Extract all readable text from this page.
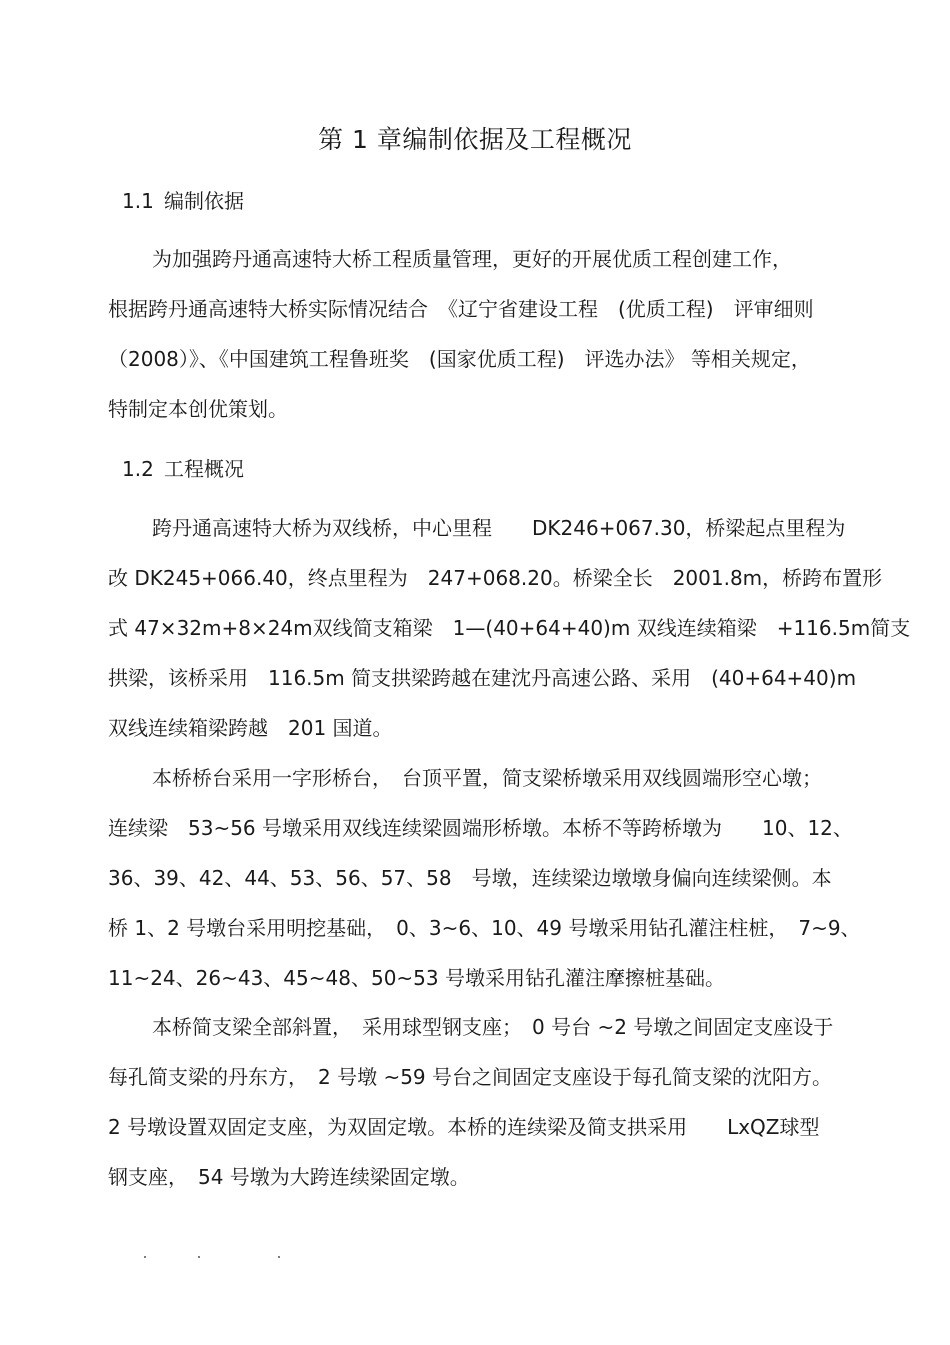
第 1 章编制依据及工程概况
1.1 编制依据
为加强跨丹通高速特大桥工程质量管理，更好的开展优质工程创建工作，
根据跨丹通高速特大桥实际情况结合　《辽宁省建设工程　(优质工程)　评审细则
（2008）》、《中国建筑工程鲁班奖　(国家优质工程)　评选办法》 等相关规定，
特制定本创优策划。
1.2 工程概况
跨丹通高速特大桥为双线桥，中心里程　　DK246+067.30，桥梁起点里程为
改 DK245+066.40，终点里程为　247+068.20。桥梁全长　2001.8m，桥跨布置形
式 47×32m+8×24m双线简支箱梁　1—(40+64+40)m 双线连续箱梁　+116.5m简支
拱梁，该桥采用　116.5m 简支拱梁跨越在建沈丹高速公路、采用　(40+64+40)m
双线连续箱梁跨越　201 国道。
本桥桥台采用一字形桥台，　台顶平置，简支梁桥墩采用双线圆端形空心墩；
连续梁　53~56 号墩采用双线连续梁圆端形桥墩。本桥不等跨桥墩为　　10、12、
36、39、42、44、53、56、57、58　号墩，连续梁边墩墩身偏向连续梁侧。本
桥 1、2 号墩台采用明挖基础，　0、3~6、10、49 号墩采用钻孔灌注柱桩，　7~9、
11~24、26~43、45~48、50~53 号墩采用钻孔灌注摩擦桩基础。
本桥简支梁全部斜置，　采用球型钢支座；　0 号台 ~2 号墩之间固定支座设于
每孔简支梁的丹东方，　2 号墩 ~59 号台之间固定支座设于每孔简支梁的沈阳方。
2 号墩设置双固定支座，为双固定墩。本桥的连续梁及简支拱采用　　LxQZ球型
钢支座，　54 号墩为大跨连续梁固定墩。
